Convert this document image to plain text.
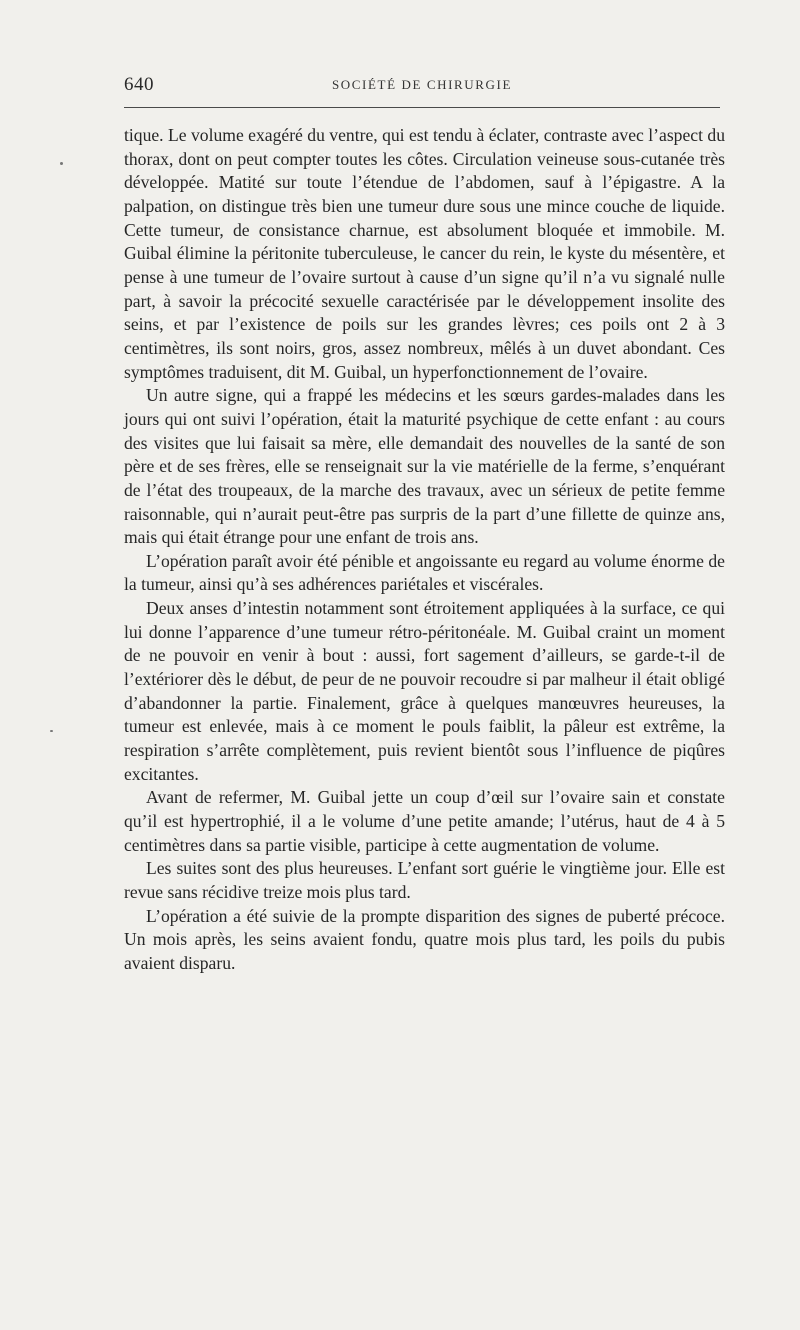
640	SOCIÉTÉ DE CHIRURGIE

tique. Le volume exagéré du ventre, qui est tendu à éclater, contraste avec l’aspect du thorax, dont on peut compter toutes les côtes. Circulation veineuse sous-cutanée très développée. Matité sur toute l’étendue de l’abdomen, sauf à l’épigastre. A la palpation, on distingue très bien une tumeur dure sous une mince couche de liquide. Cette tumeur, de consistance charnue, est absolument bloquée et immobile. M. Guibal élimine la péritonite tuberculeuse, le cancer du rein, le kyste du mésentère, et pense à une tumeur de l’ovaire surtout à cause d’un signe qu’il n’a vu signalé nulle part, à savoir la précocité sexuelle caractérisée par le développement insolite des seins, et par l’existence de poils sur les grandes lèvres; ces poils ont 2 à 3 centimètres, ils sont noirs, gros, assez nombreux, mêlés à un duvet abondant. Ces symptômes traduisent, dit M. Guibal, un hyperfonctionnement de l’ovaire.

Un autre signe, qui a frappé les médecins et les sœurs gardes-malades dans les jours qui ont suivi l’opération, était la maturité psychique de cette enfant : au cours des visites que lui faisait sa mère, elle demandait des nouvelles de la santé de son père et de ses frères, elle se renseignait sur la vie matérielle de la ferme, s’enquérant de l’état des troupeaux, de la marche des travaux, avec un sérieux de petite femme raisonnable, qui n’aurait peut-être pas surpris de la part d’une fillette de quinze ans, mais qui était étrange pour une enfant de trois ans.

L’opération paraît avoir été pénible et angoissante eu regard au volume énorme de la tumeur, ainsi qu’à ses adhérences pariétales et viscérales.

Deux anses d’intestin notamment sont étroitement appliquées à la surface, ce qui lui donne l’apparence d’une tumeur rétro-péritonéale. M. Guibal craint un moment de ne pouvoir en venir à bout : aussi, fort sagement d’ailleurs, se garde-t-il de l’extériorer dès le début, de peur de ne pouvoir recoudre si par malheur il était obligé d’abandonner la partie. Finalement, grâce à quelques manœuvres heureuses, la tumeur est enlevée, mais à ce moment le pouls faiblit, la pâleur est extrême, la respiration s’arrête complètement, puis revient bientôt sous l’influence de piqûres excitantes.

Avant de refermer, M. Guibal jette un coup d’œil sur l’ovaire sain et constate qu’il est hypertrophié, il a le volume d’une petite amande; l’utérus, haut de 4 à 5 centimètres dans sa partie visible, participe à cette augmentation de volume.

Les suites sont des plus heureuses. L’enfant sort guérie le vingtième jour. Elle est revue sans récidive treize mois plus tard.

L’opération a été suivie de la prompte disparition des signes de puberté précoce. Un mois après, les seins avaient fondu, quatre mois plus tard, les poils du pubis avaient disparu.
